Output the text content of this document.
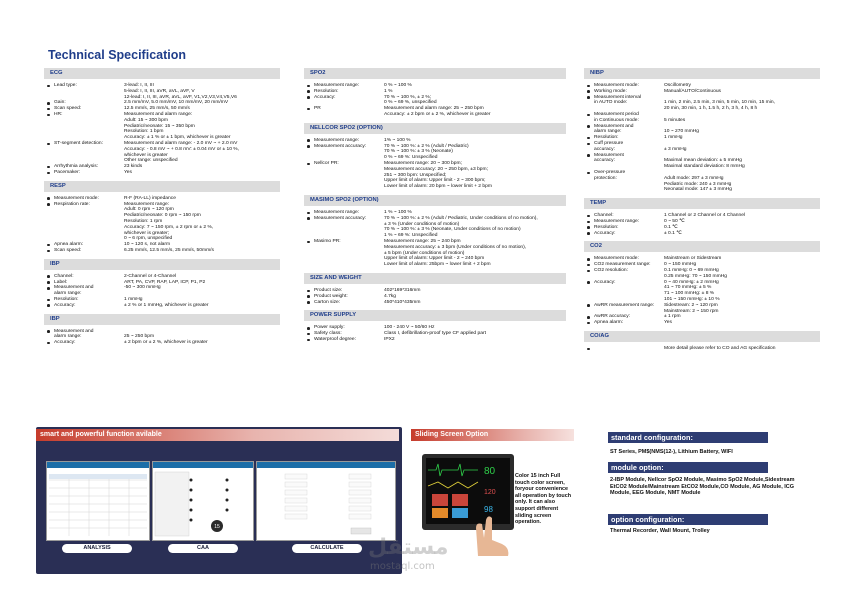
Technical Specification
ECG
Lead type:	3-lead: I, II, III
5-lead: I, II, III, aVR, aVL, aVF, V
12-lead: I, II, III, aVR, aVL, aVF, V1,V2,V3,V4,V5,V6
Gain:	2.5 mm/mV, 5.0 mm/mV, 10 mm/mV, 20 mm/mV
Scan speed:	12.5 mm/s, 25 mm/s, 50 mm/s
HR:	Measurement and alarm range:
Adult: 15 ~ 300 bpm
Pediatric/neonate: 15 ~ 350 bpm
Resolution: 1 bpm
Accuracy: ± 1 % or ± 1 bpm, whichever is greater
ST-segment detection:	Measurement and alarm range: - 2.0 mV ~ + 2.0 mV
Accuracy: - 0.8 mV ~ + 0.8 mV: ± 0.04 mV or ± 10 %,
whichever is greater
Other range: unspecified
Arrhythmia analysis:	23 kinds
Pacemaker:	Yes
RESP
Measurement mode:	R-F (RA-LL) impedance
Respiration rate:	Measurement range:
Adult: 0 rpm ~ 120 rpm
Pediatric/neonate: 0 rpm ~ 150 rpm
Resolution: 1 rpm
Accuracy: 7 ~ 150 rpm, ± 2 rpm or ± 2 %,
whichever is greater;
0 ~ 6 rpm, unspecified
Apnea alarm:	10 ~ 120 s, not alarm
Scan speed:	6.25 mm/s, 12.5 mm/s, 25 mm/s, 50mm/s
IBP
Channel:	2-Channel or 4-Channel
Label:	ART, PA, CVP, RAP, LAP, ICP, P1, P2
Measurement and
alarm range:
-50 ~ 300 mmHg
Resolution:	1 mmHg
Accuracy:	± 2 % or 1 mmHg, whichever is greater
IBP
Measurement and
alarm range:	
25 ~ 250 bpm
Accuracy:	± 2 bpm or ± 2 %, whichever is greater
SPO2
Measurement range:	0 % ~ 100 %
Resolution:	1 %
Accuracy:	70 % ~ 100 %, ± 2 %;
0 % ~ 69 %, unspecified
PR	Measurement and alarm range: 25 ~ 250 bpm
Accuracy: ± 2 bpm or ± 2 %, whichever is greater
NELLCOR SPO2 (OPTION)
Measurement range:	1% ~ 100 %
Measurement accuracy:	70 % ~ 100 %: ± 2 % (Adult / Pediatric)
70 % ~ 100 %: ± 3 % (Neonate)
0 % ~ 69 %: Unspecified
Nellcor PR:	Measurement range: 20 ~ 300 bpm;
Measurement accuracy: 20 ~ 250 bpm, ±3 bpm;
251 ~ 300 bpm: Unspecified;
Upper limit of alarm: Upper limit - 2 ~ 300 bpm;
Lower limit of alarm: 20 bpm ~ lower limit + 2 bpm
MASIMO SPO2 (OPTION)
Measurement range:	1 % ~ 100 %
Measurement accuracy:	70 % ~ 100 %: ± 2 % (Adult / Pediatric, Under conditions of no motion),
± 3 % (Under conditions of motion)
70 % ~ 100 %: ± 3 % (Neonate, Under conditions of no motion)
1 % ~ 69 %: Unspecified
Masimo PR:	Measurement range: 25 ~ 240 bpm
Measurement accuracy: ± 3 bpm (Under conditions of no motion),
± 5 bpm (Under conditions of motion)
Upper limit of alarm: Upper limit - 2 ~ 240 bpm
Lower limit of alarm: 25bpm ~ lower limit + 2 bpm
SIZE AND WEIGHT
Product size:	402*169*316mm
Product weight:	4.7kg
Carton size:	450*410*435mm
POWER SUPPLY
Power supply:	100 - 240 V ~ 50/60 Hz
Safety class:	Class I, defibrillation-proof type CF applied part
Waterproof degree:	IPX2
NIBP
Measurement mode:	Oscillometry
Working mode:	Manual/AUTO/Continuous
Measurement interval
in AUTO mode:	
1 min, 2 min, 2.5 min, 3 min, 5 min, 10 min, 15 min,
20 min, 30 min, 1 h, 1.5 h, 2 h, 3 h, 4 h, 8 h
Measurement period
in Continuous mode:	
5 minutes
Measurement and
alarm range:	
10 ~ 270 mmHg
Resolution:	1 mmHg
Cuff pressure
accuracy:	
± 3 mmHg
Measurement
accuracy:	
Maximal mean deviation: ± 5 mmHg
Maximal standard deviation: 8 mmHg
Over-pressure
protection:	
Adult mode: 297 ± 3 mmHg
Pediatric mode: 240 ± 3 mmHg
Neonatal mode: 147 ± 3 mmHg
TEMP
Channel:	1 Channel or 2 Channel or 4 Channel
Measurement range:	0 ~ 50 ℃
Resolution:	0.1 ℃
Accuracy:	± 0.1 ℃
CO2
Measurement mode:	Mainstream or Sidestream
CO2 measurement range:	0 ~ 150 mmHg
CO2 resolution:	0.1 mmHg: 0 ~ 69 mmHg
0.25 mmHg: 70 ~ 150 mmHg
Accuracy:	0 ~ 40 mmHg: ± 2 mmHg
41 ~ 70 mmHg: ± 5 %
71 ~ 100 mmHg: ± 8 %
101 ~ 150 mmHg: ± 10 %
AwRR measurement range:	Sidestream: 2 ~ 120 rpm
Mainstream: 2 ~ 150 rpm
AwRR accuracy:	± 1 rpm
Apnea alarm:	Yes
CO/AG
More detail please refer to CO and AG specification
smart and powerful function avilable
15
ANALYSIS	CAA	CALCULATE
Sliding Screen Option
80
120
98
Color 15 inch Full touch color screen, foryour convenience all operation by touch only. It can also support different sliding screen operation.
standard configuration:
ST Series, PM$(NMS(12-), Lithium Battery, WIFI
module option:
2-IBP Module, Nellcor SpO2 Module, Masimo SpO2 Module,Sidestream EtCO2 Module/Mainstream EtCO2 Module,CO Module, AG Module, ICG Module, EEG Module, NMT Module
option configuration:
Thermal Recorder, Wall Mount, Trolley
مستقل
mostaql.com
